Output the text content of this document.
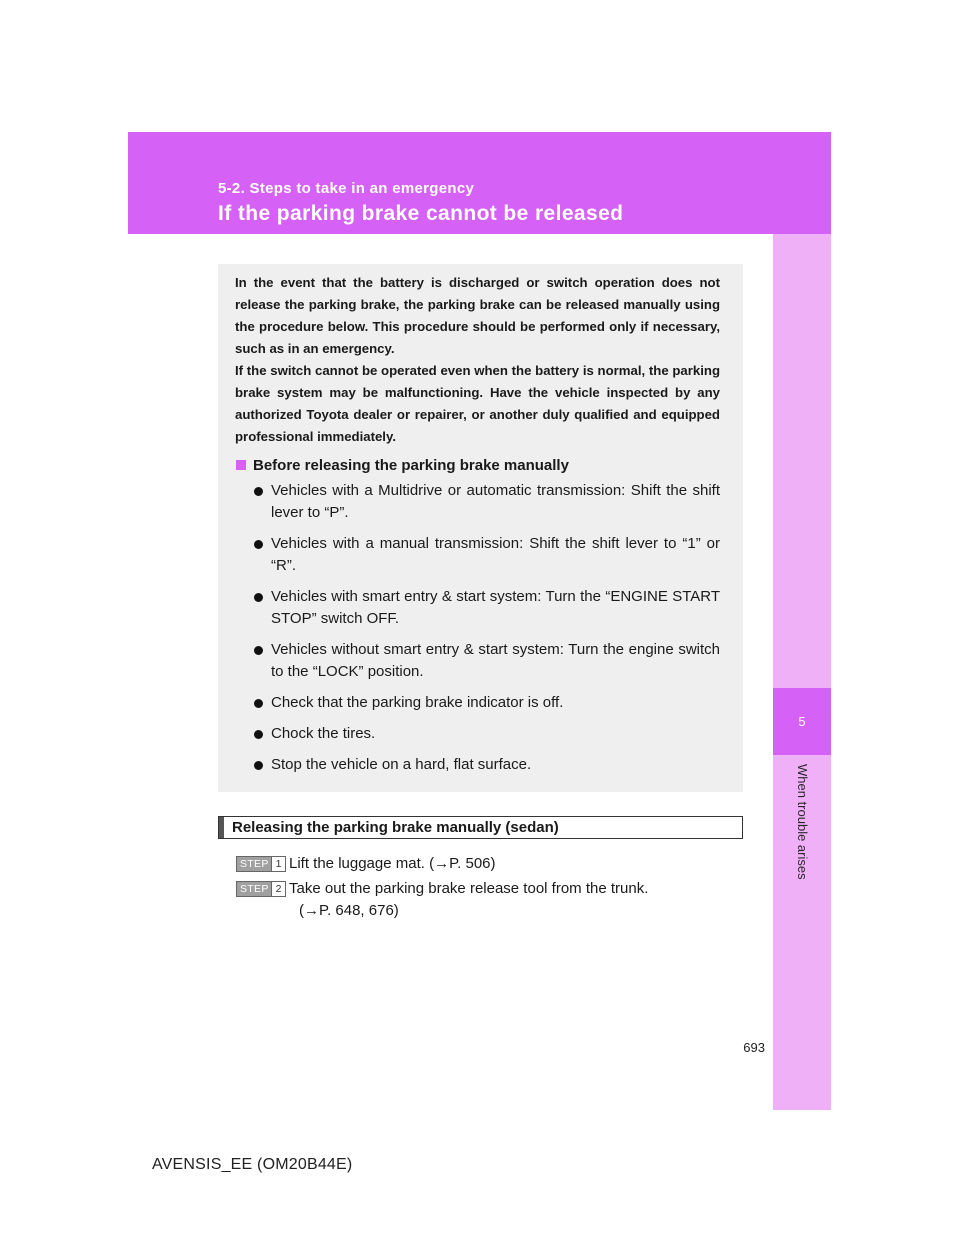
5-2. Steps to take in an emergency
If the parking brake cannot be released
5
When trouble arises

In the event that the battery is discharged or switch operation does not release the parking brake, the parking brake can be released manually using the procedure below. This procedure should be performed only if necessary, such as in an emergency.

If the switch cannot be operated even when the battery is normal, the parking brake system may be malfunctioning. Have the vehicle inspected by any authorized Toyota dealer or repairer, or another duly qualified and equipped professional immediately.

Before releasing the parking brake manually
Vehicles with a Multidrive or automatic transmission: Shift the shift lever to “P”.
Vehicles with a manual transmission: Shift the shift lever to “1” or “R”.
Vehicles with smart entry & start system: Turn the “ENGINE START STOP” switch OFF.
Vehicles without smart entry & start system: Turn the engine switch to the “LOCK” position.
Check that the parking brake indicator is off.
Chock the tires.
Stop the vehicle on a hard, flat surface.
Releasing the parking brake manually (sedan)
STEP 1 Lift the luggage mat. (→P. 506)
STEP 2 Take out the parking brake release tool from the trunk.
(→P. 648, 676)
693
AVENSIS_EE (OM20B44E)
